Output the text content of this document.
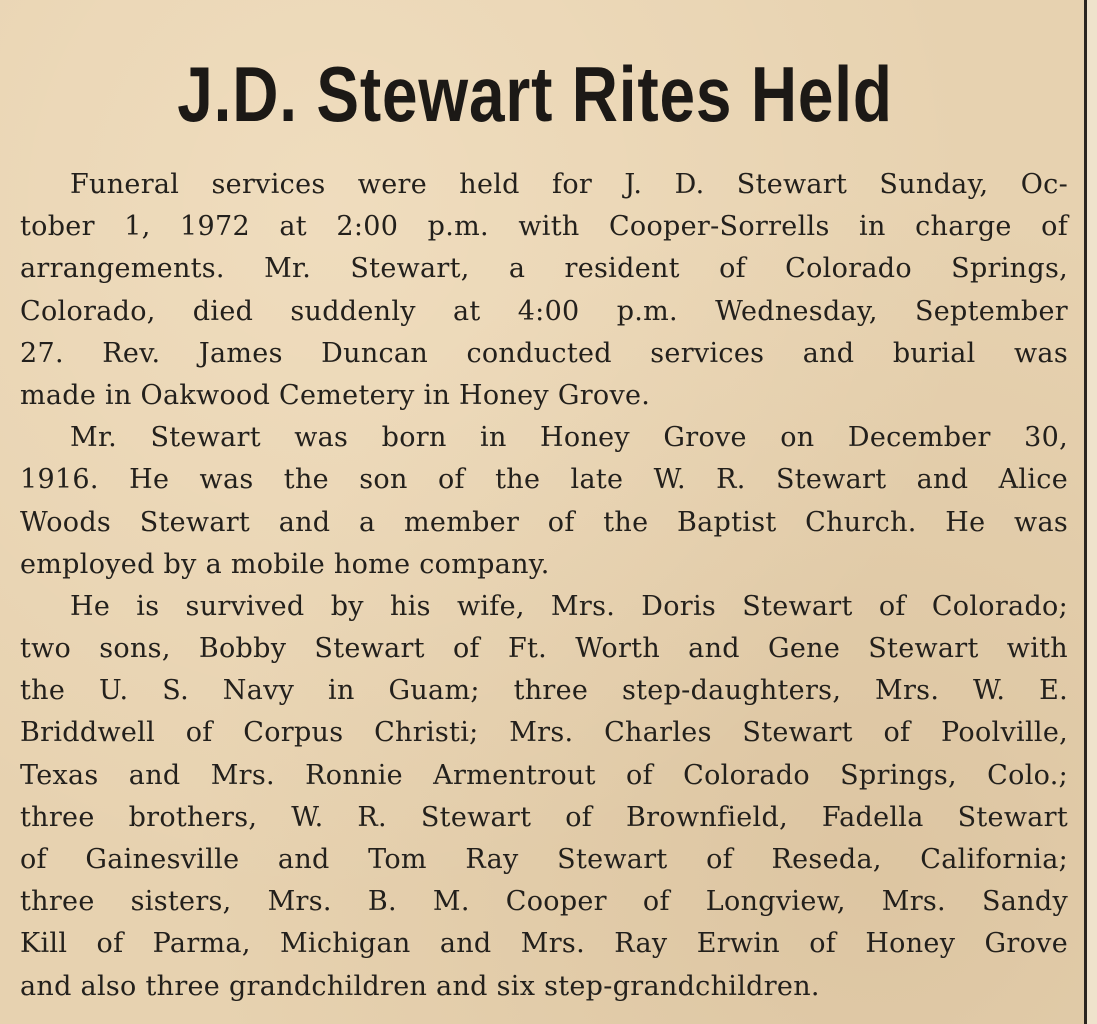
J.D. Stewart Rites Held
Funeral services were held for J. D. Stewart Sunday, Oc-
tober 1, 1972 at 2:00 p.m. with Cooper-Sorrells in charge of
arrangements. Mr. Stewart, a resident of Colorado Springs,
Colorado, died suddenly at 4:00 p.m. Wednesday, September
27. Rev. James Duncan conducted services and burial was
made in Oakwood Cemetery in Honey Grove.
Mr. Stewart was born in Honey Grove on December 30,
1916. He was the son of the late W. R. Stewart and Alice
Woods Stewart and a member of the Baptist Church. He was
employed by a mobile home company.
He is survived by his wife, Mrs. Doris Stewart of Colorado;
two sons, Bobby Stewart of Ft. Worth and Gene Stewart with
the U. S. Navy in Guam; three step-daughters, Mrs. W. E.
Briddwell of Corpus Christi; Mrs. Charles Stewart of Poolville,
Texas and Mrs. Ronnie Armentrout of Colorado Springs, Colo.;
three brothers, W. R. Stewart of Brownfield, Fadella Stewart
of Gainesville and Tom Ray Stewart of Reseda, California;
three sisters, Mrs. B. M. Cooper of Longview, Mrs. Sandy
Kill of Parma, Michigan and Mrs. Ray Erwin of Honey Grove
and also three grandchildren and six step-grandchildren.
